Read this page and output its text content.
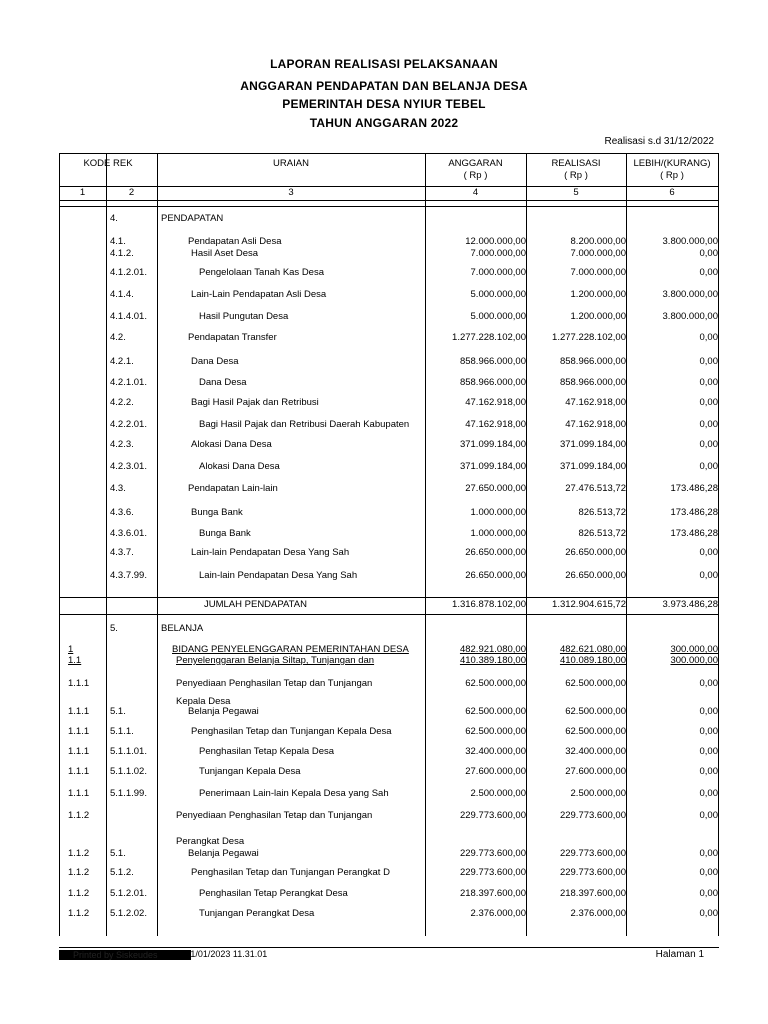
LAPORAN REALISASI PELAKSANAAN
ANGGARAN PENDAPATAN DAN BELANJA DESA
PEMERINTAH DESA NYIUR TEBEL
TAHUN ANGGARAN 2022
Realisasi s.d 31/12/2022
KODE REK	URAIAN	ANGGARAN
( Rp )
REALISASI
( Rp )
LEBIH/(KURANG)
( Rp )
1	2	3	4	5	6
4.	PENDAPATAN
4.1.	Pendapatan Asli Desa	12.000.000,00	8.200.000,00	3.800.000,00
4.1.2.	Hasil Aset Desa	7.000.000,00	7.000.000,00	0,00
4.1.2.01.	Pengelolaan Tanah Kas Desa	7.000.000,00	7.000.000,00	0,00
4.1.4.	Lain-Lain Pendapatan Asli Desa	5.000.000,00	1.200.000,00	3.800.000,00
4.1.4.01.	Hasil Pungutan Desa	5.000.000,00	1.200.000,00	3.800.000,00
4.2.	Pendapatan Transfer	1.277.228.102,00	1.277.228.102,00	0,00
4.2.1.	Dana Desa	858.966.000,00	858.966.000,00	0,00
4.2.1.01.	Dana Desa	858.966.000,00	858.966.000,00	0,00
4.2.2.	Bagi Hasil Pajak dan Retribusi	47.162.918,00	47.162.918,00	0,00
4.2.2.01.	Bagi Hasil Pajak dan Retribusi Daerah Kabupaten	47.162.918,00	47.162.918,00	0,00
4.2.3.	Alokasi Dana Desa	371.099.184,00	371.099.184,00	0,00
4.2.3.01.	Alokasi Dana Desa	371.099.184,00	371.099.184,00	0,00
4.3.	Pendapatan Lain-lain	27.650.000,00	27.476.513,72	173.486,28
4.3.6.	Bunga Bank	1.000.000,00	826.513,72	173.486,28
4.3.6.01.	Bunga Bank	1.000.000,00	826.513,72	173.486,28
4.3.7.	Lain-lain Pendapatan Desa Yang Sah	26.650.000,00	26.650.000,00	0,00
4.3.7.99.	Lain-lain Pendapatan Desa Yang Sah	26.650.000,00	26.650.000,00	0,00
JUMLAH PENDAPATAN	1.316.878.102,00	1.312.904.615,72	3.973.486,28
5.	BELANJA
1	BIDANG PENYELENGGARAN PEMERINTAHAN DESA	482.921.080,00	482.621.080,00	300.000,00
1.1	Penyelenggaran Belanja Siltap, Tunjangan dan	410.389.180,00	410.089.180,00	300.000,00
1.1.1	Penyediaan Penghasilan Tetap dan Tunjangan	62.500.000,00	62.500.000,00	0,00
Kepala Desa
1.1.1	5.1.	Belanja Pegawai	62.500.000,00	62.500.000,00	0,00
1.1.1	5.1.1.	Penghasilan Tetap dan Tunjangan Kepala Desa	62.500.000,00	62.500.000,00	0,00
1.1.1	5.1.1.01.	Penghasilan Tetap Kepala Desa	32.400.000,00	32.400.000,00	0,00
1.1.1	5.1.1.02.	Tunjangan Kepala Desa	27.600.000,00	27.600.000,00	0,00
1.1.1	5.1.1.99.	Penerimaan Lain-lain Kepala Desa yang Sah	2.500.000,00	2.500.000,00	0,00
1.1.2	Penyediaan Penghasilan Tetap dan Tunjangan	229.773.600,00	229.773.600,00	0,00
Perangkat Desa
1.1.2	5.1.	Belanja Pegawai	229.773.600,00	229.773.600,00	0,00
1.1.2	5.1.2.	Penghasilan Tetap dan Tunjangan Perangkat D	229.773.600,00	229.773.600,00	0,00
1.1.2	5.1.2.01.	Penghasilan Tetap Perangkat Desa	218.397.600,00	218.397.600,00	0,00
1.1.2	5.1.2.02.	Tunjangan Perangkat Desa	2.376.000,00	2.376.000,00	0,00
Printed by Siskeudes	11/01/2023 11.31.01	Halaman 1
